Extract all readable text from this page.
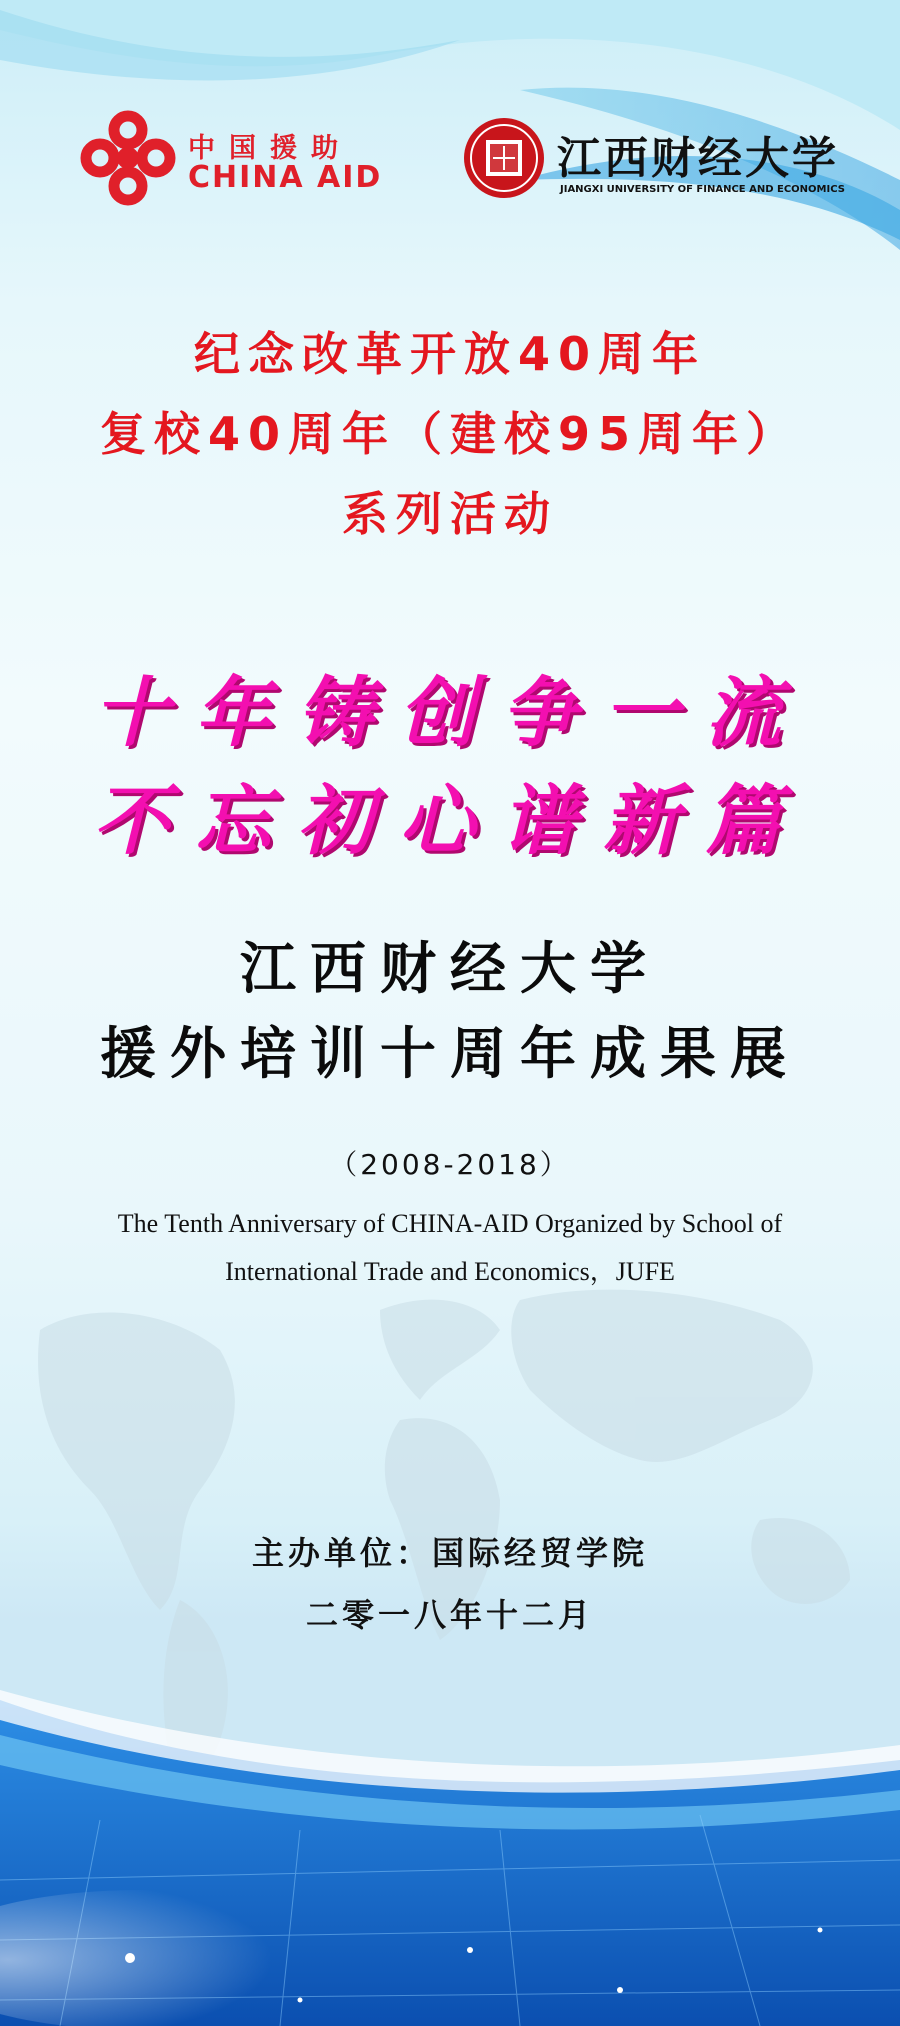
中国援助
CHINA AID	江西财经大学
JIANGXI UNIVERSITY OF FINANCE AND ECONOMICS

纪念改革开放40周年

复校40周年（建校95周年）

系列活动

十年铸创争一流

不忘初心谱新篇

江西财经大学

援外培训十周年成果展

（2008-2018）

The Tenth Anniversary of CHINA-AID Organized by School of

International Trade and Economics，JUFE

主办单位：国际经贸学院

二零一八年十二月
